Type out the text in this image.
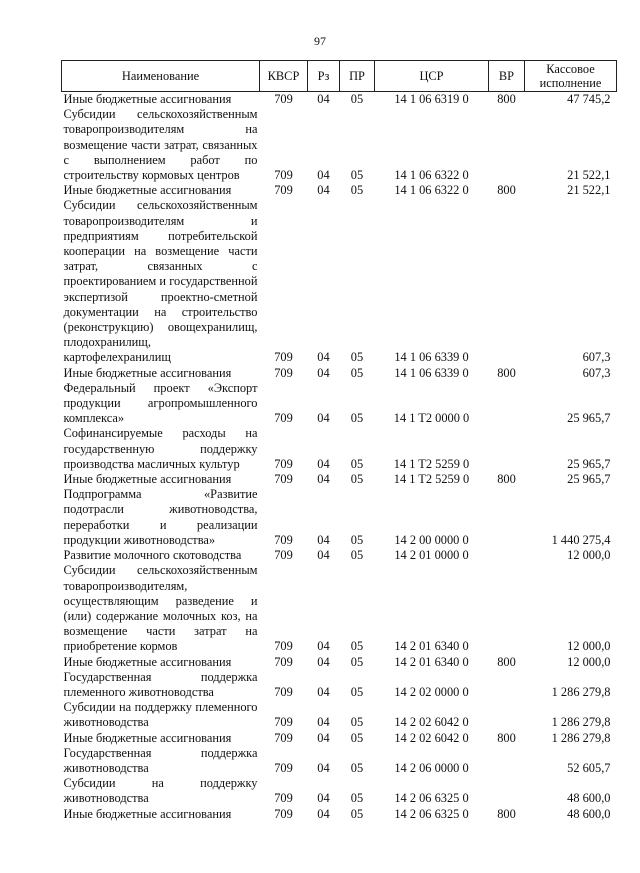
97
Наименование	КВСР	Рз	ПР	ЦСР	ВР	Кассовое исполнение
Иные бюджетные ассигнования	709	04	05	14 1 06 6319 0	800	47 745,2
Субсидии сельскохозяйственным товаропроизводителям на возмещение части затрат, связанных с выполнением работ по строительству кормовых центров	709	04	05	14 1 06 6322 0		21 522,1
Иные бюджетные ассигнования	709	04	05	14 1 06 6322 0	800	21 522,1
Субсидии сельскохозяйственным товаропроизводителям и предприятиям потребительской кооперации на возмещение части затрат, связанных с проектированием и государственной экспертизой проектно-сметной документации на строительство (реконструкцию) овощехранилищ, плодохранилищ, картофелехранилищ	709	04	05	14 1 06 6339 0		607,3
Иные бюджетные ассигнования	709	04	05	14 1 06 6339 0	800	607,3
Федеральный проект «Экспорт продукции агропромышленного комплекса»	709	04	05	14 1 T2 0000 0		25 965,7
Софинансируемые расходы на государственную поддержку производства масличных культур	709	04	05	14 1 T2 5259 0		25 965,7
Иные бюджетные ассигнования	709	04	05	14 1 T2 5259 0	800	25 965,7
Подпрограмма «Развитие подотрасли животноводства, переработки и реализации продукции животноводства»	709	04	05	14 2 00 0000 0		1 440 275,4
Развитие молочного скотоводства	709	04	05	14 2 01 0000 0		12 000,0
Субсидии сельскохозяйственным товаропроизводителям, осуществляющим разведение и (или) содержание молочных коз, на возмещение части затрат на приобретение кормов	709	04	05	14 2 01 6340 0		12 000,0
Иные бюджетные ассигнования	709	04	05	14 2 01 6340 0	800	12 000,0
Государственная поддержка племенного животноводства	709	04	05	14 2 02 0000 0		1 286 279,8
Субсидии на поддержку племенного животноводства	709	04	05	14 2 02 6042 0		1 286 279,8
Иные бюджетные ассигнования	709	04	05	14 2 02 6042 0	800	1 286 279,8
Государственная поддержка животноводства	709	04	05	14 2 06 0000 0		52 605,7
Субсидии на поддержку животноводства	709	04	05	14 2 06 6325 0		48 600,0
Иные бюджетные ассигнования	709	04	05	14 2 06 6325 0	800	48 600,0
